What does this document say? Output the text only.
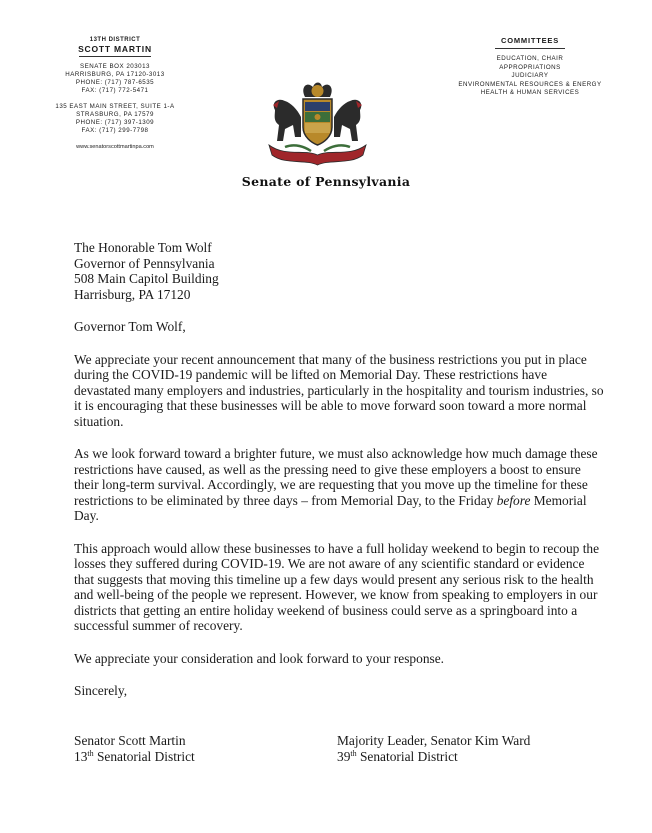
13TH DISTRICT
SCOTT MARTIN
SENATE BOX 203013
HARRISBURG, PA 17120-3013
PHONE: (717) 787-6535
FAX: (717) 772-5471
135 EAST MAIN STREET, SUITE 1-A
STRASBURG, PA 17579
PHONE: (717) 397-1309
FAX: (717) 299-7798
www.senatorscottmartinpa.com
COMMITTEES
EDUCATION, CHAIR
APPROPRIATIONS
JUDICIARY
ENVIRONMENTAL RESOURCES & ENERGY
HEALTH & HUMAN SERVICES
Senate of Pennsylvania
The Honorable Tom Wolf
Governor of Pennsylvania
508 Main Capitol Building
Harrisburg, PA 17120

Governor Tom Wolf,

We appreciate your recent announcement that many of the business restrictions you put in place during the COVID-19 pandemic will be lifted on Memorial Day. These restrictions have devastated many employers and industries, particularly in the hospitality and tourism industries, so it is encouraging that these businesses will be able to move forward soon toward a more normal situation.

As we look forward toward a brighter future, we must also acknowledge how much damage these restrictions have caused, as well as the pressing need to give these employers a boost to ensure their long-term survival. Accordingly, we are requesting that you move up the timeline for these restrictions to be eliminated by three days – from Memorial Day, to the Friday before Memorial Day.

This approach would allow these businesses to have a full holiday weekend to begin to recoup the losses they suffered during COVID-19. We are not aware of any scientific standard or evidence that suggests that moving this timeline up a few days would present any serious risk to the health and well-being of the people we represent. However, we know from speaking to employers in our districts that getting an entire holiday weekend of business could serve as a springboard into a successful summer of recovery.

We appreciate your consideration and look forward to your response.

Sincerely,

Senator Scott Martin
13th Senatorial District
Majority Leader, Senator Kim Ward
39th Senatorial District
